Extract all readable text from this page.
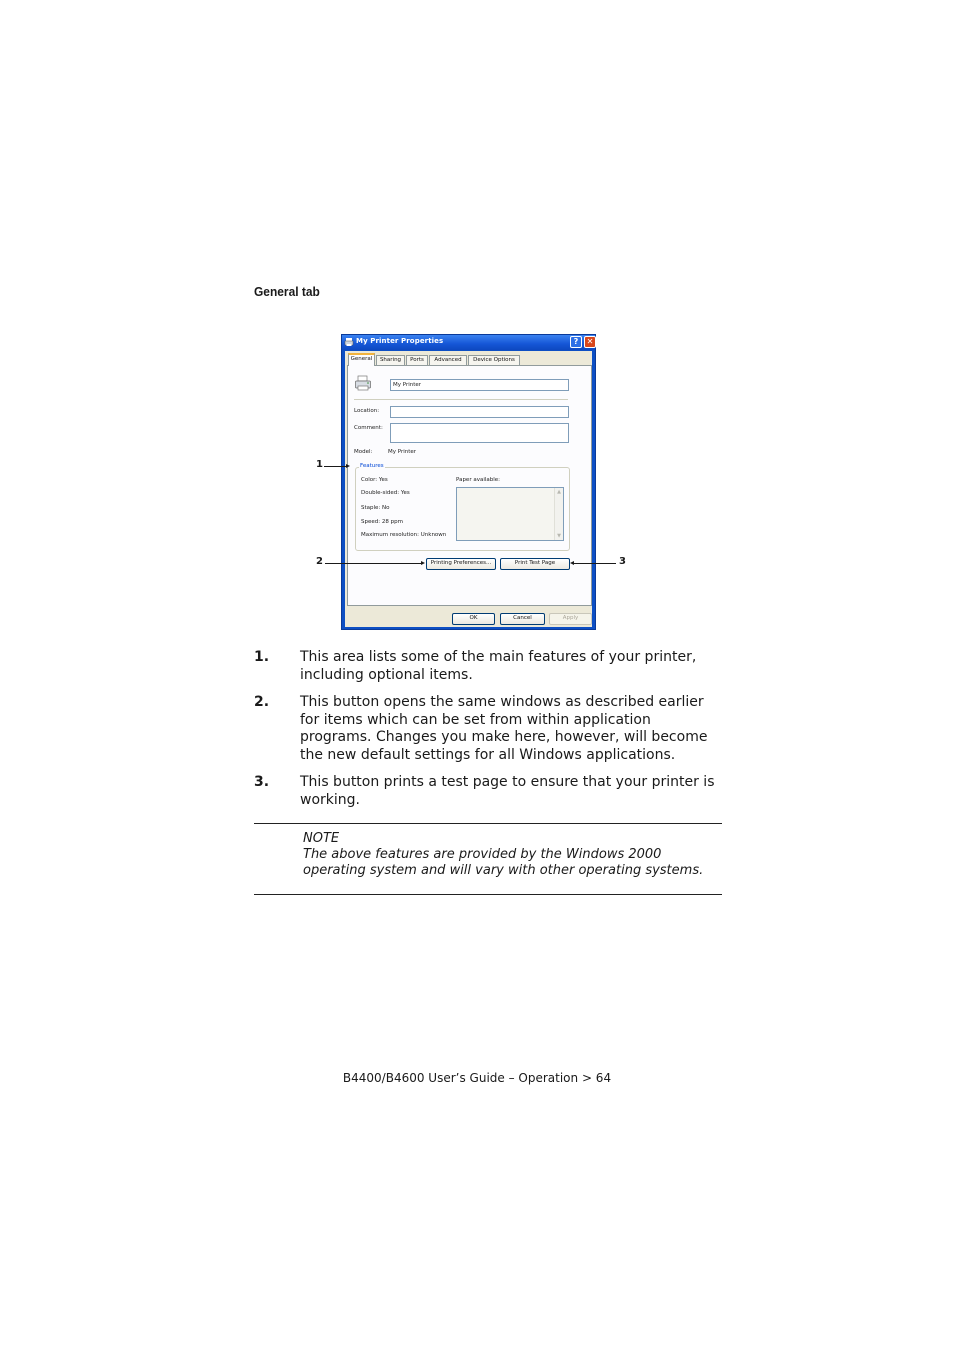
General tab
My Printer Properties	?	✕
General	Sharing	Ports	Advanced	Device Options
My Printer
Location:
Comment:
Model:	My Printer
Features
Color: Yes
Double-sided: Yes
Staple: No
Speed: 28 ppm
Maximum resolution: Unknown
Paper available:
▲
▼
Printing Preferences...	Print Test Page
OK	Cancel	Apply
1
2	3
1. This area lists some of the main features of your printer, including optional items.
2. This button opens the same windows as described earlier for items which can be set from within application programs. Changes you make here, however, will become the new default settings for all Windows applications.
3. This button prints a test page to ensure that your printer is working.
NOTE
The above features are provided by the Windows 2000 operating system and will vary with other operating systems.
B4400/B4600 User’s Guide – Operation > 64
